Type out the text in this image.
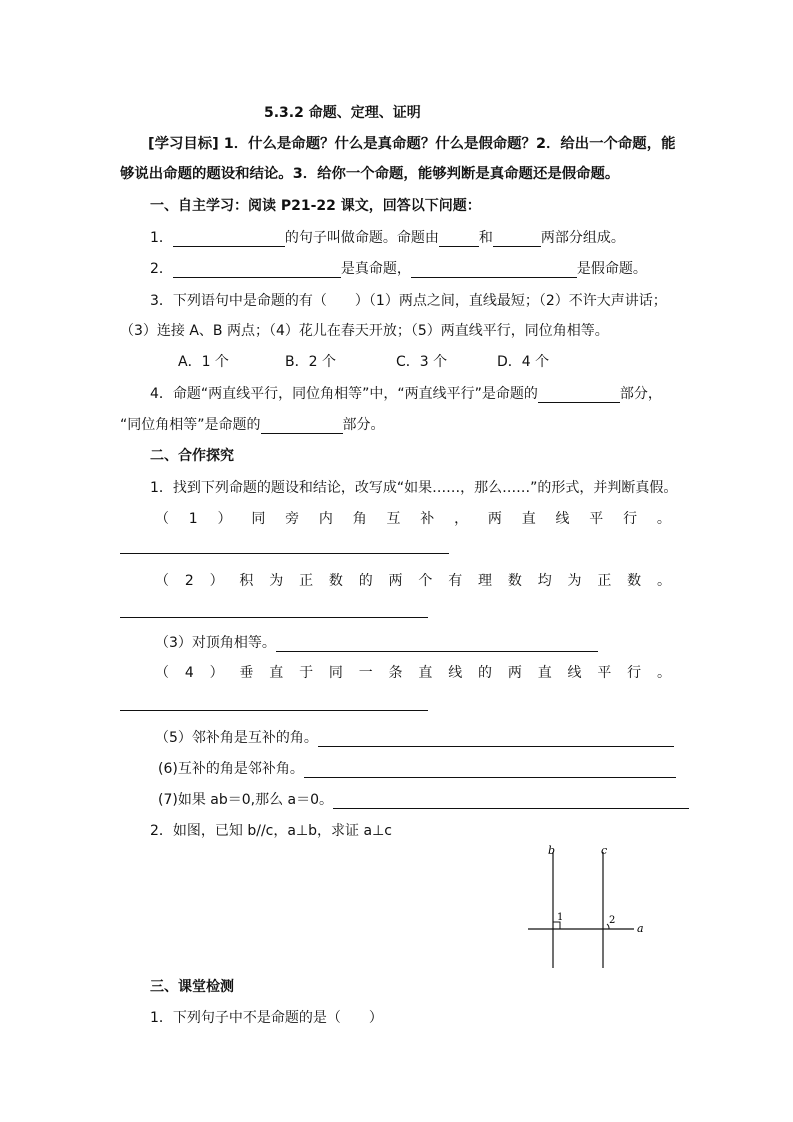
5.3.2 命题、定理、证明
[学习目标] 1．什么是命题？什么是真命题？什么是假命题？2．给出一个命题，能
够说出命题的题设和结论。3．给你一个命题，能够判断是真命题还是假命题。
一、自主学习：阅读 P21-22 课文，回答以下问题：
1．	的句子叫做命题。命题由	和	两部分组成。
2．	是真命题，	是假命题。
3．下列语句中是命题的有（　　）（1）两点之间，直线最短；（2）不许大声讲话；
（3）连接 A、B 两点；（4）花儿在春天开放；（5）两直线平行，同位角相等。
A．1 个	B．2 个	C．3 个	D．4 个
4．命题“两直线平行，同位角相等”中，“两直线平行”是命题的	部分，
“同位角相等”是命题的	部分。
二、合作探究
1．找到下列命题的题设和结论，改写成“如果……，那么……”的形式，并判断真假。
（ 1 ） 同 旁 内 角 互 补 ， 两 直 线 平 行 。
（ 2 ） 积 为 正 数 的 两 个 有 理 数 均 为 正 数 。
（3）对顶角相等。
（ 4 ） 垂 直 于 同 一 条 直 线 的 两 直 线 平 行 。
（5）邻补角是互补的角。
(6)互补的角是邻补角。
(7)如果 ab＝0,那么 a＝0。
2．如图，已知 b//c，a⊥b，求证 a⊥c
b	c
a
1	2
三、课堂检测
1．下列句子中不是命题的是（　　）
